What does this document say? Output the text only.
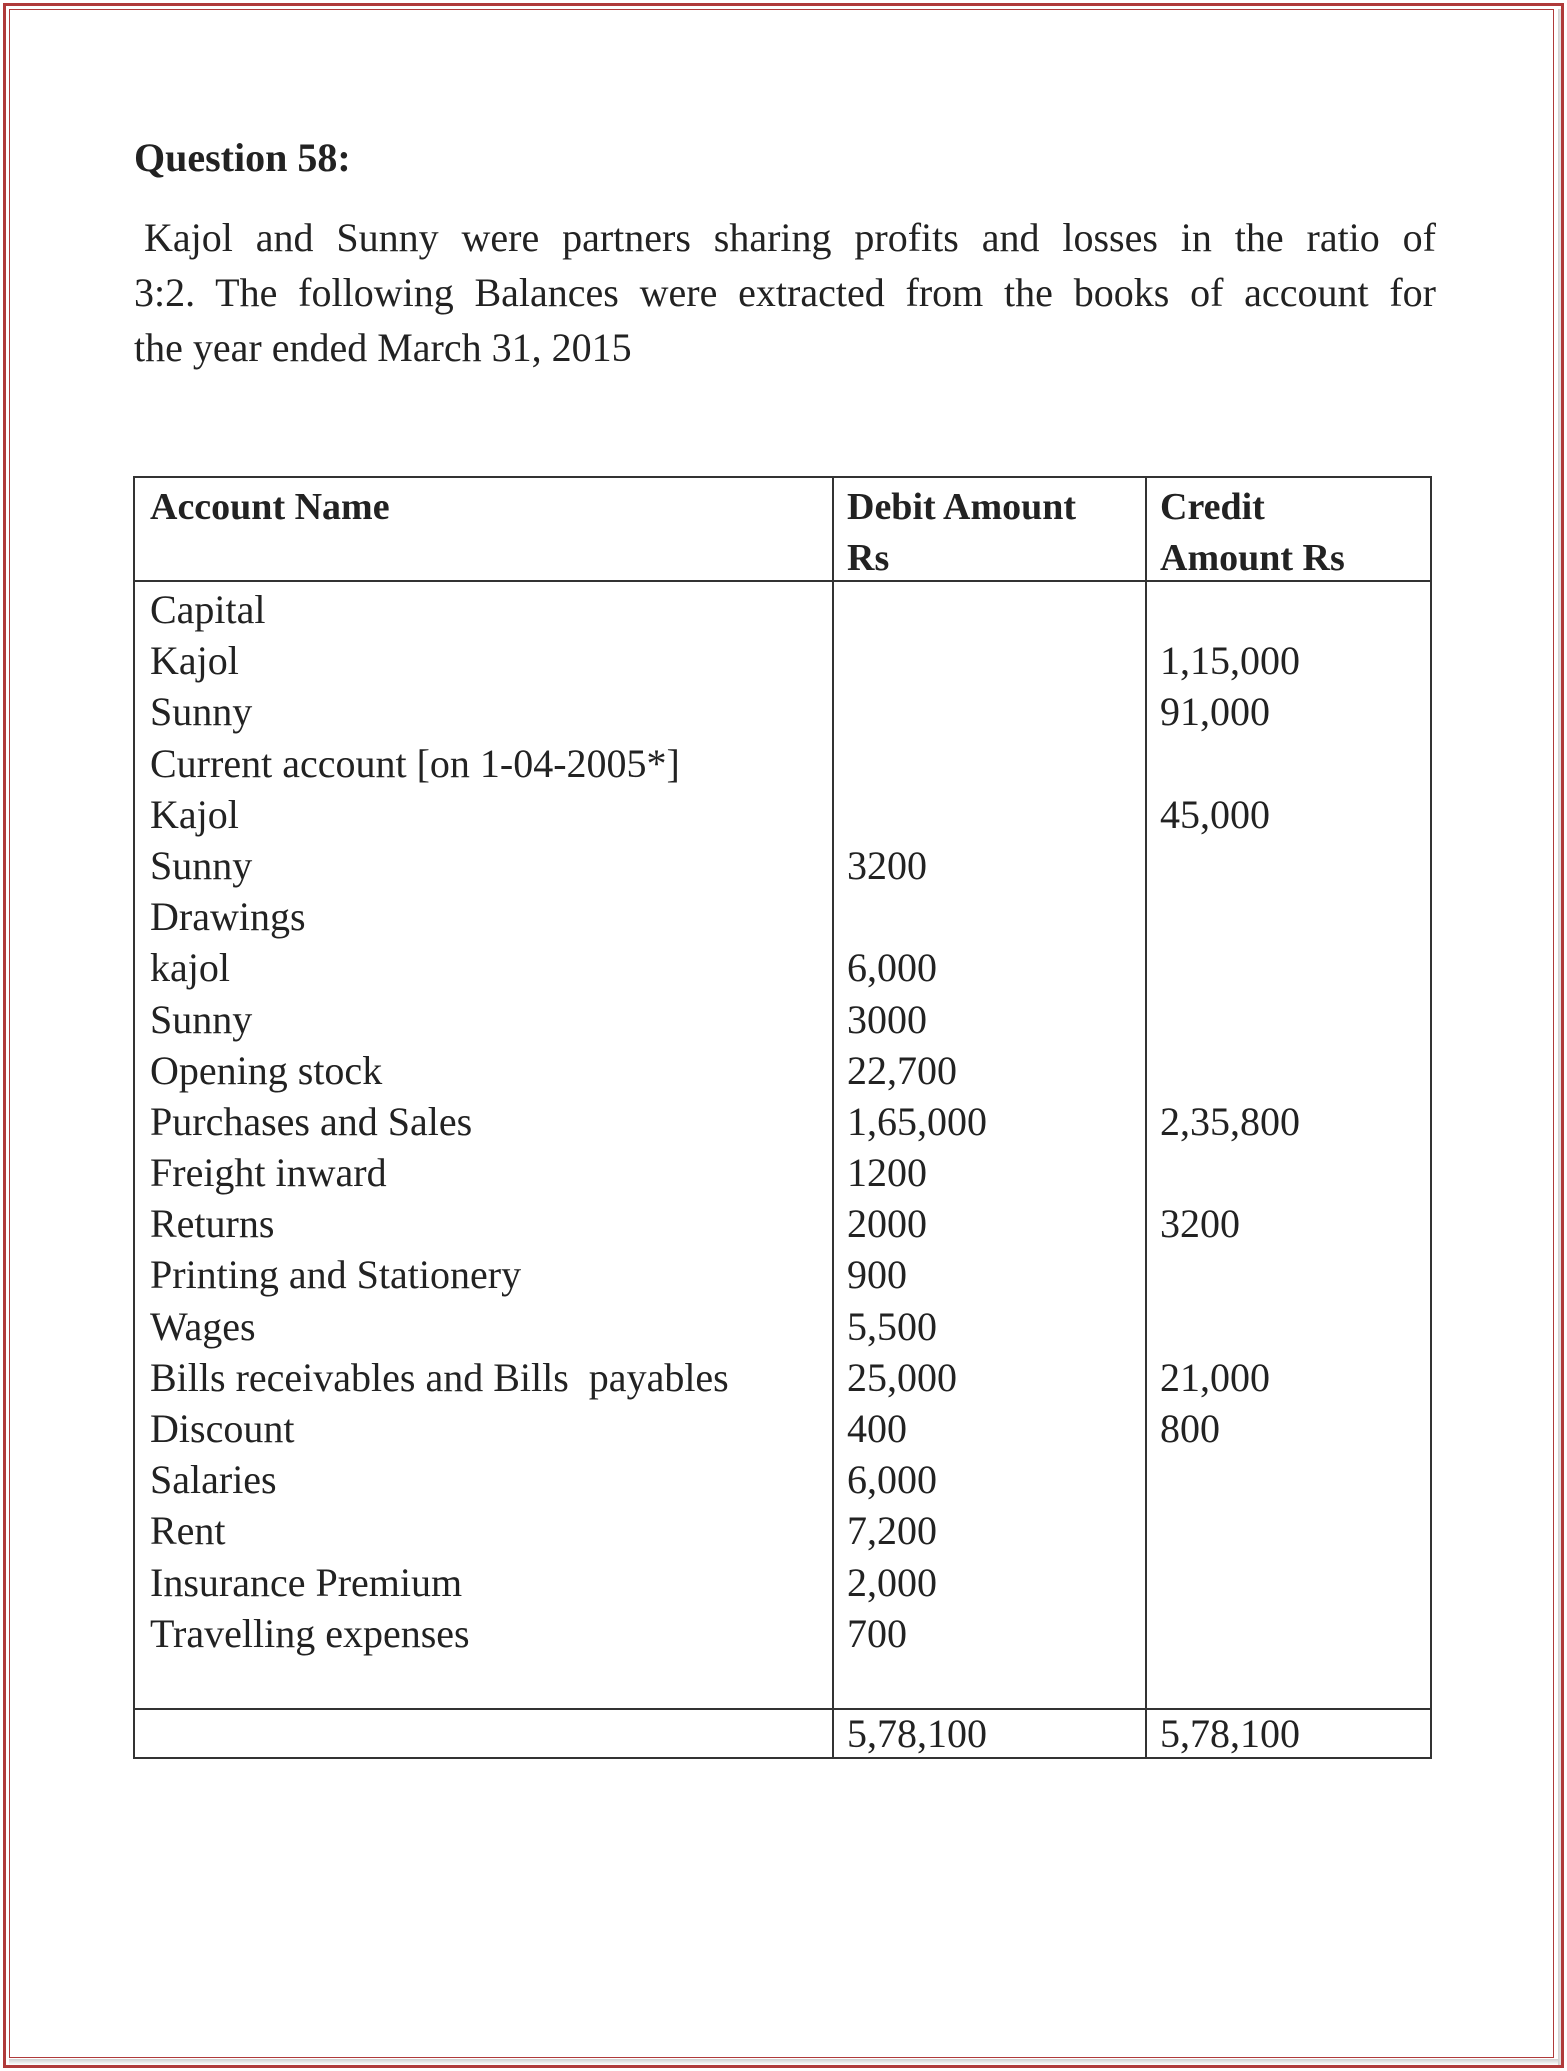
Question 58:
Kajol and Sunny were partners sharing profits and losses in the ratio of
3:2. The following Balances were extracted from the books of account for
the year ended March 31, 2015
Account Name	Debit Amount
Rs
Credit
Amount Rs
Capital
Kajol
Sunny
Current account [on 1-04-2005*]
Kajol
Sunny
Drawings
kajol
Sunny
Opening stock
Purchases and Sales
Freight inward
Returns
Printing and Stationery
Wages
Bills receivables and Bills  payables
Discount
Salaries
Rent
Insurance Premium
Travelling expenses
3200
6,000
3000
22,700
1,65,000
1200
2000
900
5,500
25,000
400
6,000
7,200
2,000
700
1,15,000
91,000
45,000
2,35,800
3200
21,000
800
5,78,100	5,78,100
